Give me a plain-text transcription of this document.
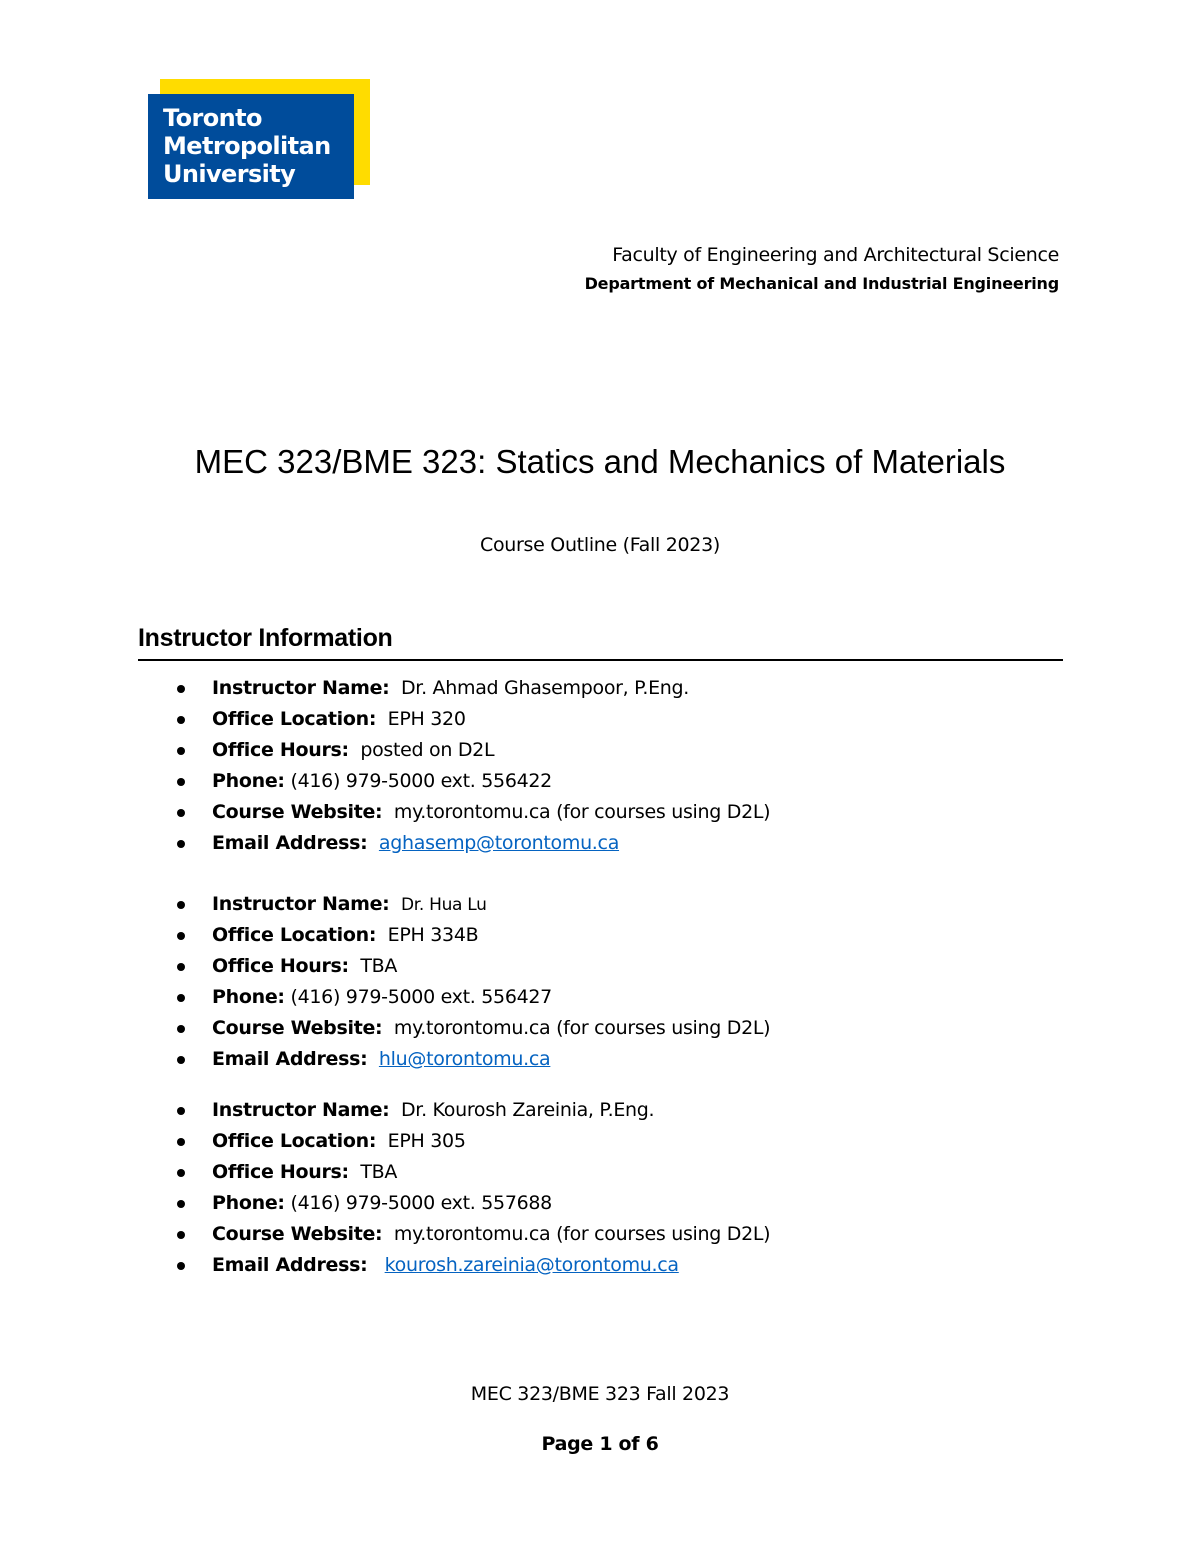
Toronto
Metropolitan
University
Faculty of Engineering and Architectural Science
Department of Mechanical and Industrial Engineering
MEC 323/BME 323: Statics and Mechanics of Materials
Course Outline (Fall 2023)
Instructor Information
Instructor Name: Dr. Ahmad Ghasempoor, P.Eng.
Office Location: EPH 320
Office Hours: posted on D2L
Phone: (416) 979-5000 ext. 556422
Course Website: my.torontomu.ca (for courses using D2L)
Email Address: aghasemp@torontomu.ca
Instructor Name: Dr. Hua Lu
Office Location: EPH 334B
Office Hours: TBA
Phone: (416) 979-5000 ext. 556427
Course Website: my.torontomu.ca (for courses using D2L)
Email Address: hlu@torontomu.ca
Instructor Name: Dr. Kourosh Zareinia, P.Eng.
Office Location: EPH 305
Office Hours: TBA
Phone: (416) 979-5000 ext. 557688
Course Website: my.torontomu.ca (for courses using D2L)
Email Address: kourosh.zareinia@torontomu.ca
MEC 323/BME 323 Fall 2023
Page 1 of 6
